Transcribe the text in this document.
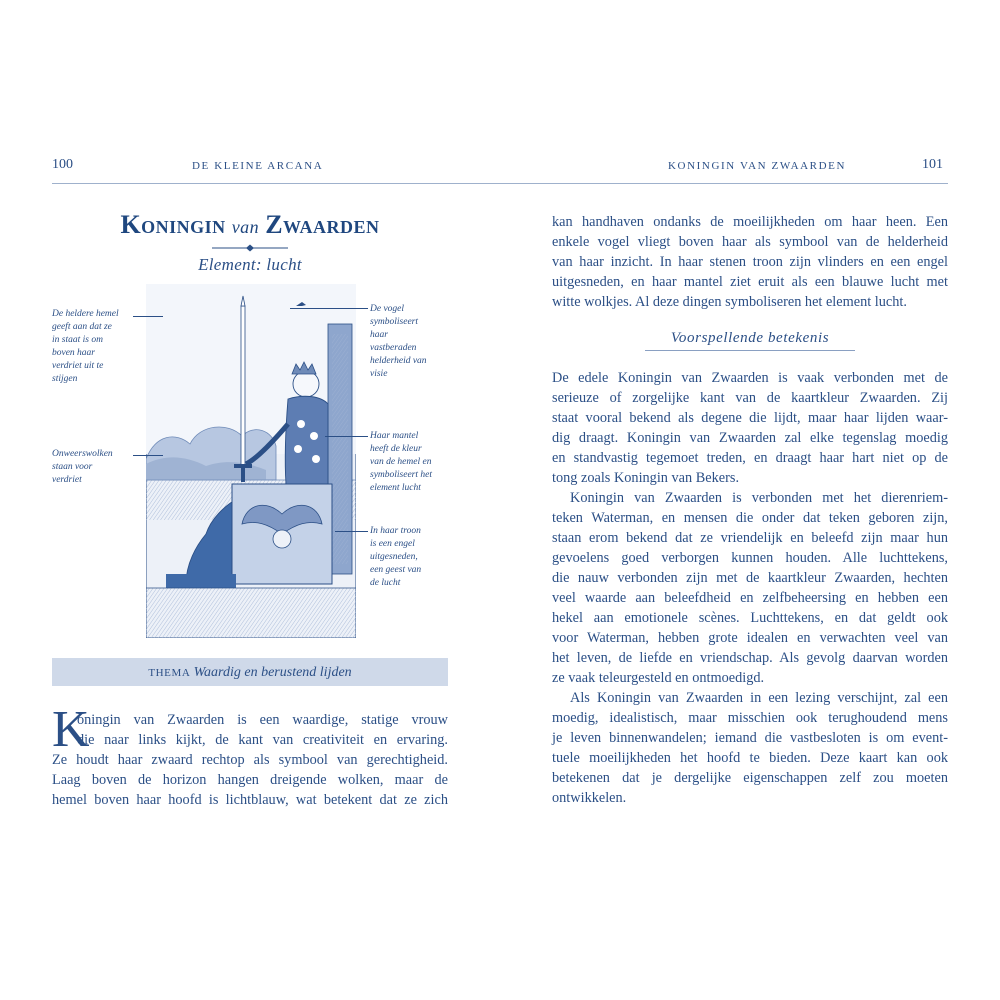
100	DE KLEINE ARCANA	KONINGIN VAN ZWAARDEN	101
Koningin van Zwaarden
Element: lucht
De heldere hemel
geeft aan dat ze
in staat is om
boven haar
verdriet uit te
stijgen
Onweerswolken
staan voor
verdriet
De vogel
symboliseert
haar
vastberaden
helderheid van
visie
Haar mantel
heeft de kleur
van de hemel en
symboliseert het
element lucht
In haar troon
is een engel
uitgesneden,
een geest van
de lucht
THEMA Waardig en berustend lijden
K
oningin van Zwaarden is een waardige, statige vrouw
die naar links kijkt, de kant van creativiteit en ervaring.
Ze houdt haar zwaard rechtop als symbool van gerechtigheid.
Laag boven de horizon hangen dreigende wolken, maar de
hemel boven haar hoofd is lichtblauw, wat betekent dat ze zich
kan handhaven ondanks de moeilijkheden om haar heen. Een
enkele vogel vliegt boven haar als symbool van de helderheid
van haar inzicht. In haar stenen troon zijn vlinders en een engel
uitgesneden, en haar mantel ziet eruit als een blauwe lucht met
witte wolkjes. Al deze dingen symboliseren het element lucht.
Voorspellende betekenis
De edele Koningin van Zwaarden is vaak verbonden met de
serieuze of zorgelijke kant van de kaartkleur Zwaarden. Zij
staat vooral bekend als degene die lijdt, maar haar lijden waar-
dig draagt. Koningin van Zwaarden zal elke tegenslag moedig
en standvastig tegemoet treden, en draagt haar hart niet op de
tong zoals Koningin van Bekers.
Koningin van Zwaarden is verbonden met het dierenriem-
teken Waterman, en mensen die onder dat teken geboren zijn,
staan erom bekend dat ze vriendelijk en beleefd zijn maar hun
gevoelens goed verborgen kunnen houden. Alle luchttekens,
die nauw verbonden zijn met de kaartkleur Zwaarden, hechten
veel waarde aan beleefdheid en zelfbeheersing en hebben een
hekel aan emotionele scènes. Luchttekens, en dat geldt ook
voor Waterman, hebben grote idealen en verwachten veel van
het leven, de liefde en vriendschap. Als gevolg daarvan worden
ze vaak teleurgesteld en ontmoedigd.
Als Koningin van Zwaarden in een lezing verschijnt, zal een
moedig, idealistisch, maar misschien ook terughoudend mens
je leven binnenwandelen; iemand die vastbesloten is om event-
tuele moeilijkheden het hoofd te bieden. Deze kaart kan ook
betekenen dat je dergelijke eigenschappen zelf zou moeten
ontwikkelen.
